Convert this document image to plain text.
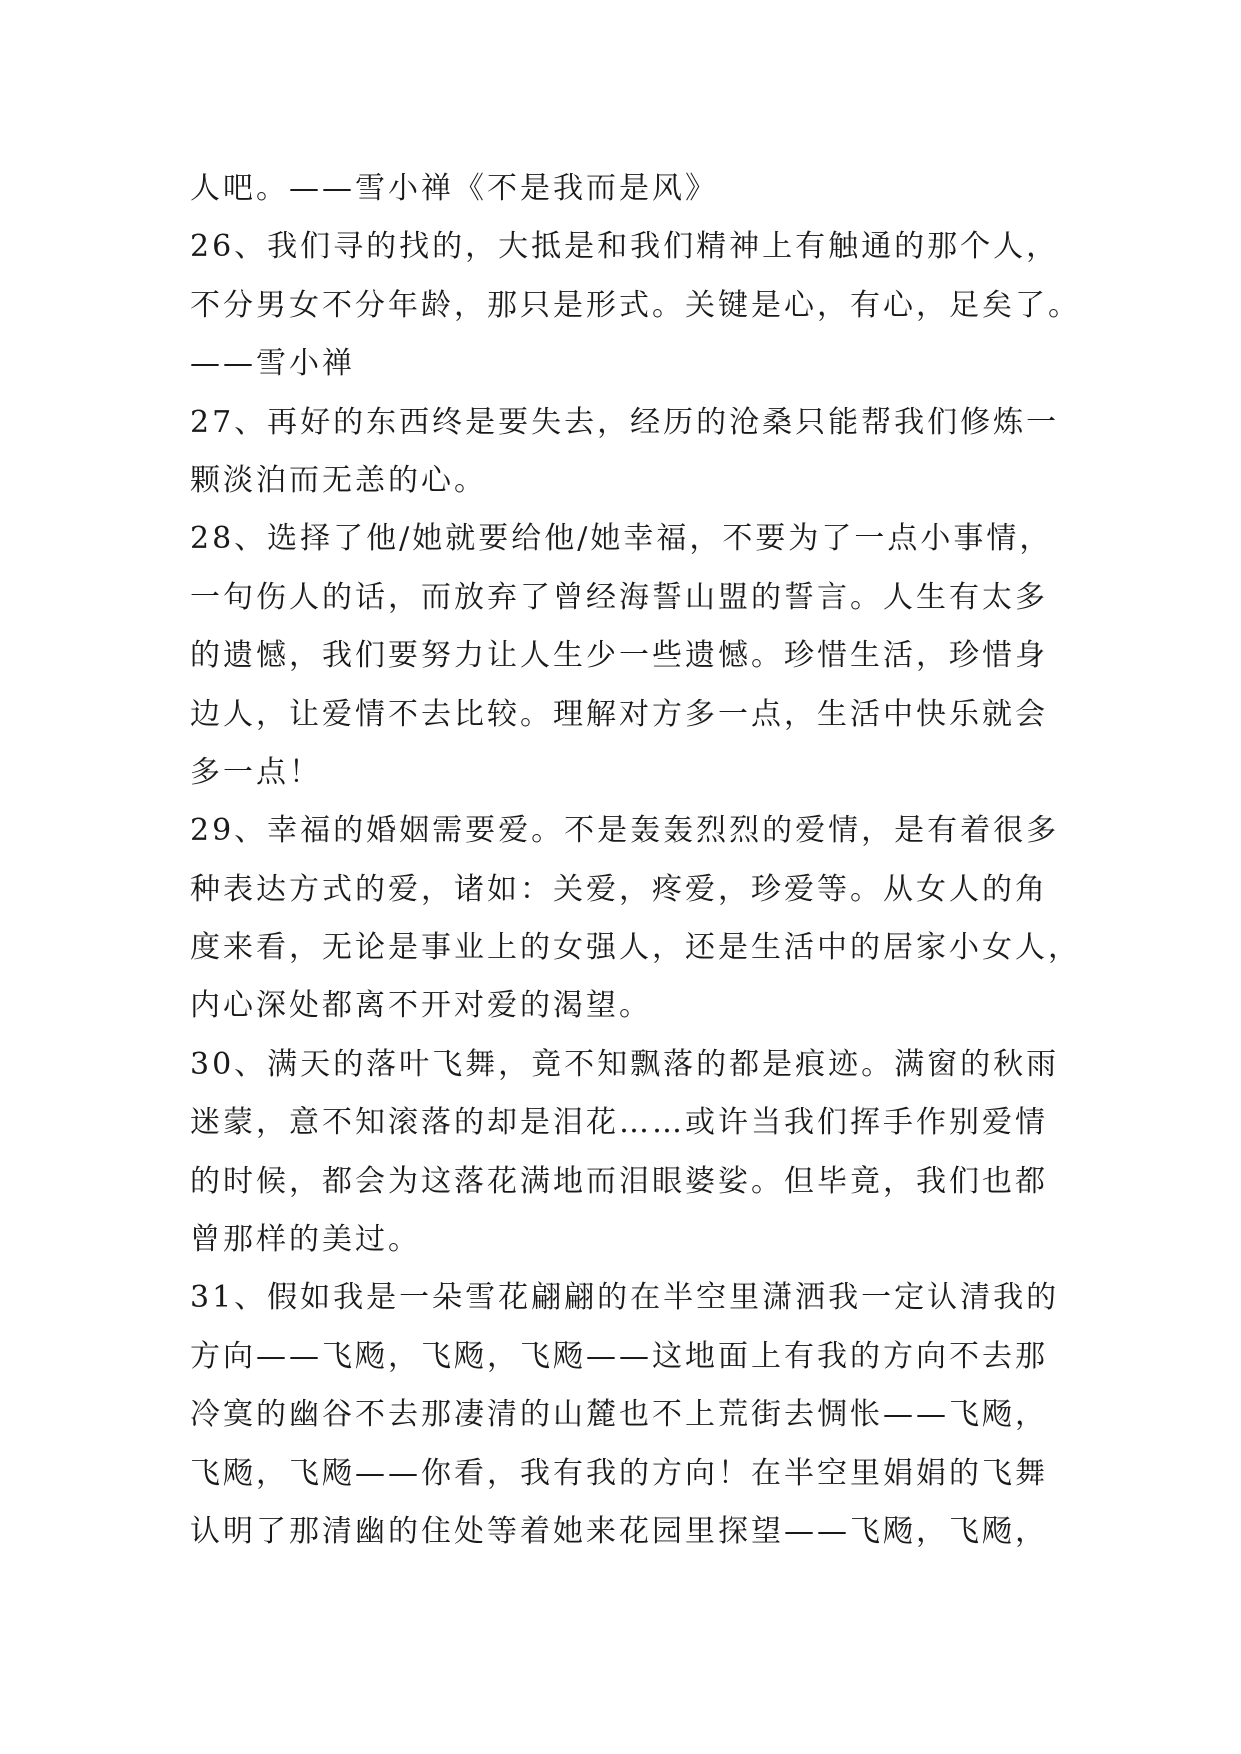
人吧。——雪小禅《不是我而是风》
26、我们寻的找的，大抵是和我们精神上有触通的那个人，
不分男女不分年龄，那只是形式。关键是心，有心，足矣了。
——雪小禅
27、再好的东西终是要失去，经历的沧桑只能帮我们修炼一
颗淡泊而无恙的心。
28、选择了他/她就要给他/她幸福，不要为了一点小事情，
一句伤人的话，而放弃了曾经海誓山盟的誓言。人生有太多
的遗憾，我们要努力让人生少一些遗憾。珍惜生活，珍惜身
边人，让爱情不去比较。理解对方多一点，生活中快乐就会
多一点！
29、幸福的婚姻需要爱。不是轰轰烈烈的爱情，是有着很多
种表达方式的爱，诸如：关爱，疼爱，珍爱等。从女人的角
度来看，无论是事业上的女强人，还是生活中的居家小女人，
内心深处都离不开对爱的渴望。
30、满天的落叶飞舞，竟不知飘落的都是痕迹。满窗的秋雨
迷蒙，意不知滚落的却是泪花……或许当我们挥手作别爱情
的时候，都会为这落花满地而泪眼婆娑。但毕竟，我们也都
曾那样的美过。
31、假如我是一朵雪花翩翩的在半空里潇洒我一定认清我的
方向——飞飏，飞飏，飞飏——这地面上有我的方向不去那
冷寞的幽谷不去那凄清的山麓也不上荒街去惆怅——飞飏，
飞飏，飞飏——你看，我有我的方向！在半空里娟娟的飞舞
认明了那清幽的住处等着她来花园里探望——飞飏，飞飏，
